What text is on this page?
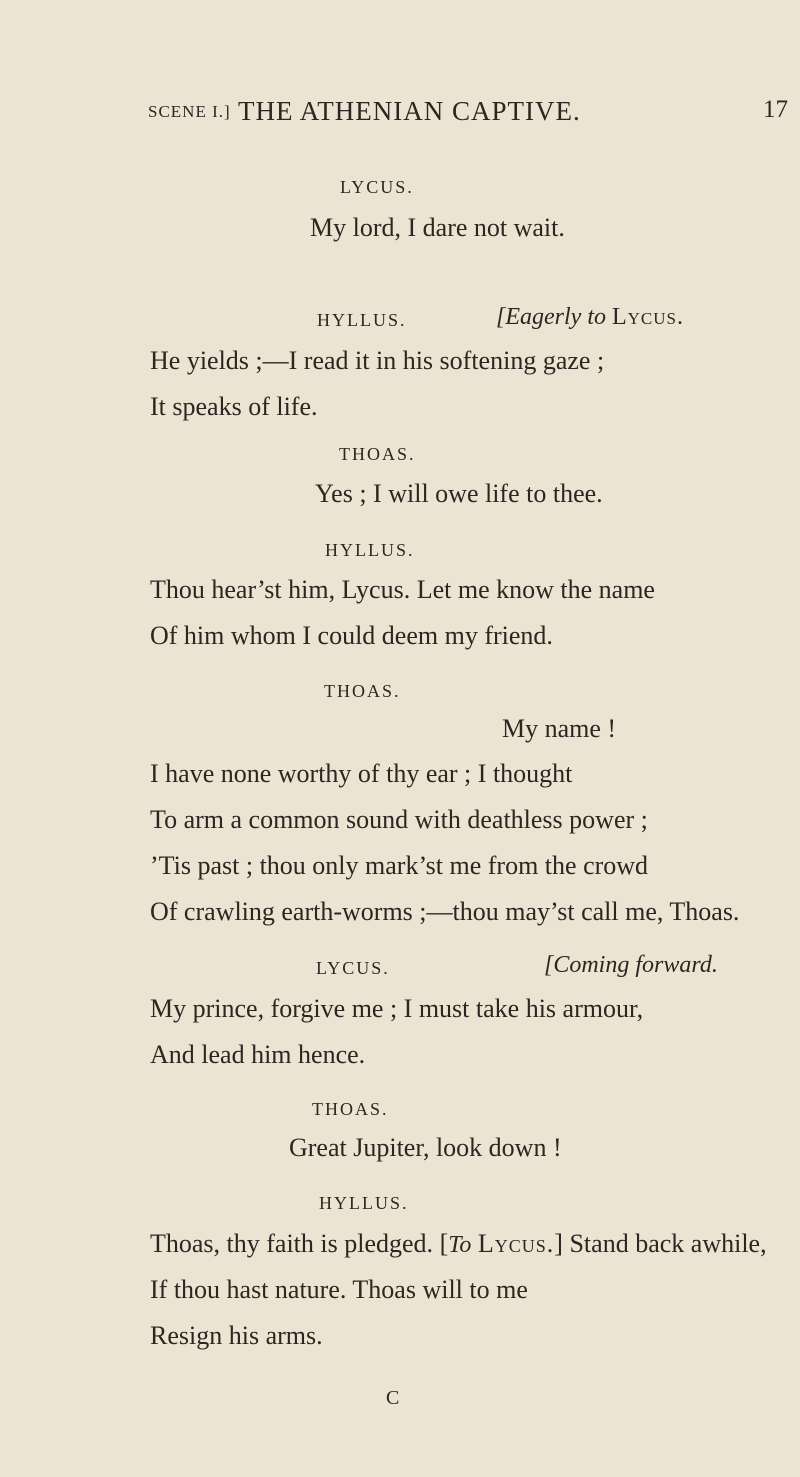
SCENE I.] THE ATHENIAN CAPTIVE.	17
LYCUS.
My lord, I dare not wait.
HYLLUS.	[Eagerly to Lycus.
He yields ;—I read it in his softening gaze ;
It speaks of life.
THOAS.
Yes ; I will owe life to thee.
HYLLUS.
Thou hear’st him, Lycus. Let me know the name
Of him whom I could deem my friend.
THOAS.
My name !
I have none worthy of thy ear ; I thought
To arm a common sound with deathless power ;
’Tis past ; thou only mark’st me from the crowd
Of crawling earth-worms ;—thou may’st call me, Thoas.
LYCUS.	[Coming forward.
My prince, forgive me ; I must take his armour,
And lead him hence.
THOAS.
Great Jupiter, look down !
HYLLUS.
Thoas, thy faith is pledged. [To Lycus.] Stand back awhile,
If thou hast nature. Thoas will to me
Resign his arms.
C
